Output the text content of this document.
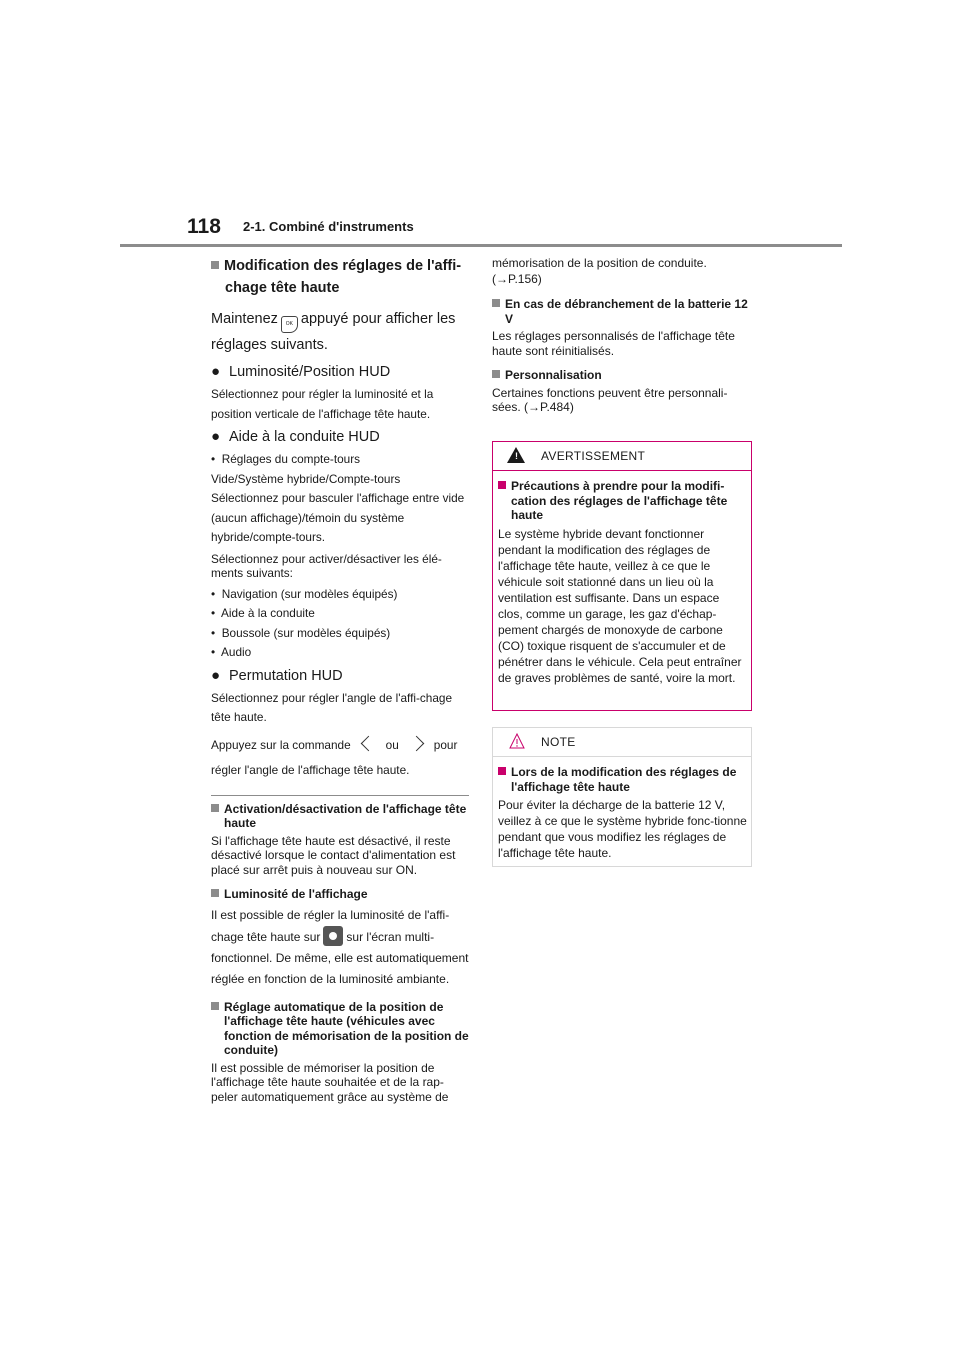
118 2-1. Combiné d'instruments

Modification des réglages de l'affi-chage tête haute

Maintenez OK appuyé pour afficher les réglages suivants.

● Luminosité/Position HUD

Sélectionnez pour régler la luminosité et la position verticale de l'affichage tête haute.

● Aide à la conduite HUD

•  Réglages du compte-tours

Vide/Système hybride/Compte-tours

Sélectionnez pour basculer l'affichage entre vide (aucun affichage)/témoin du système hybride/compte-tours.

Sélectionnez pour activer/désactiver les élé-ments suivants:

•  Navigation (sur modèles équipés)

•  Aide à la conduite

•  Boussole (sur modèles équipés)

•  Audio

● Permutation HUD

Sélectionnez pour régler l'angle de l'affi-chage tête haute.

Appuyez sur la commande	ou	pour

régler l'angle de l'affichage tête haute.

Activation/désactivation de l'affichage tête haute

Si l'affichage tête haute est désactivé, il reste désactivé lorsque le contact d'alimentation est placé sur arrêt puis à nouveau sur ON.

Luminosité de l'affichage

Il est possible de régler la luminosité de l'affi-chage tête haute sur sur l'écran multi-fonctionnel. De même, elle est automatiquement réglée en fonction de la luminosité ambiante.

Réglage automatique de la position de l'affichage tête haute (véhicules avec fonction de mémorisation de la position de conduite)

Il est possible de mémoriser la position de l'affichage tête haute souhaitée et de la rap-peler automatiquement grâce au système de

mémorisation de la position de conduite. (→P.156)

En cas de débranchement de la batterie 12 V

Les réglages personnalisés de l'affichage tête haute sont réinitialisés.

Personnalisation

Certaines fonctions peuvent être personnali-sées. (→P.484)

! AVERTISSEMENT

Précautions à prendre pour la modifi-cation des réglages de l'affichage tête haute

Le système hybride devant fonctionner pendant la modification des réglages de l'affichage tête haute, veillez à ce que le véhicule soit stationné dans un lieu où la ventilation est suffisante. Dans un espace clos, comme un garage, les gaz d'échap-pement chargés de monoxyde de carbone (CO) toxique risquent de s'accumuler et de pénétrer dans le véhicule. Cela peut entraîner de graves problèmes de santé, voire la mort.

NOTE

Lors de la modification des réglages de l'affichage tête haute

Pour éviter la décharge de la batterie 12 V, veillez à ce que le système hybride fonc-tionne pendant que vous modifiez les réglages de l'affichage tête haute.
